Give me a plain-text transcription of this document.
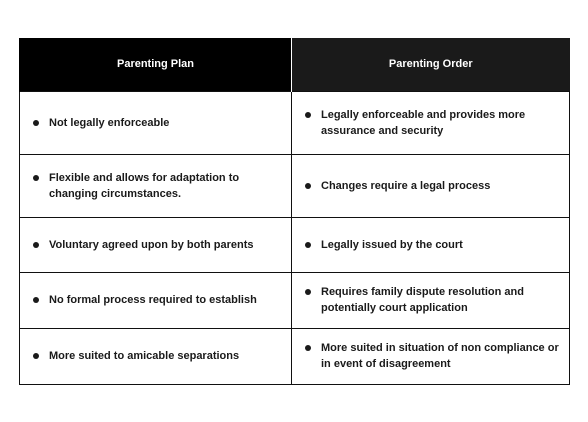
Parenting Plan	Parenting Order

Not legally enforceable	Legally enforceable and provides more assurance and security

Flexible and allows for adaptation to changing circumstances.	Changes require a legal process

Voluntary agreed upon by both parents	Legally issued by the court

No formal process required to establish	Requires family dispute resolution and potentially court application

More suited to amicable separations	More suited in situation of non compliance or in event of disagreement
